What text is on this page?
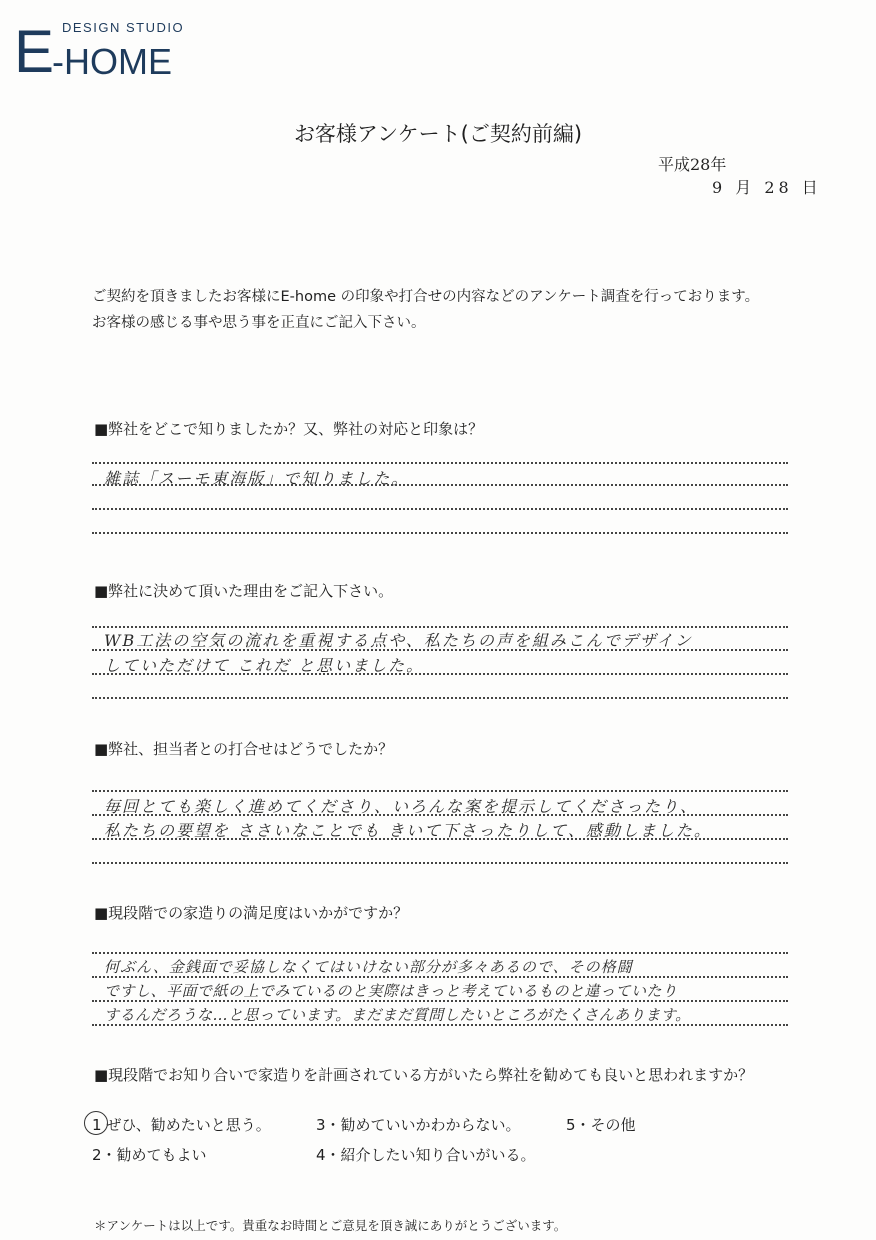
E DESIGN STUDIO
-HOME
お客様アンケート(ご契約前編)
平成28年
9 月 28 日
ご契約を頂きましたお客様にE-home の印象や打合せの内容などのアンケート調査を行っております。
お客様の感じる事や思う事を正直にご記入下さい。
■弊社をどこで知りましたか？又、弊社の対応と印象は？
雑誌「スーモ東海版」で知りました。
■弊社に決めて頂いた理由をご記入下さい。
WB工法の空気の流れを重視する点や、私たちの声を組みこんでデザイン
していただけて これだ と思いました。
■弊社、担当者との打合せはどうでしたか？
毎回とても楽しく進めてくださり、いろんな案を提示してくださったり、
私たちの要望を ささいなことでも きいて下さったりして、感動しました。
■現段階での家造りの満足度はいかがですか？
何ぶん、金銭面で妥協しなくてはいけない部分が多々あるので、その格闘
ですし、平面で紙の上でみているのと実際はきっと考えているものと違っていたり
するんだろうな…と思っています。まだまだ質問したいところがたくさんあります。
■現段階でお知り合いで家造りを計画されている方がいたら弊社を勧めても良いと思われますか？
1 ぜひ、勧めたいと思う。
2・勧めてもよい
3・勧めていいかわからない。
4・紹介したい知り合いがいる。
5・その他
＊アンケートは以上です。貴重なお時間とご意見を頂き誠にありがとうございます。
